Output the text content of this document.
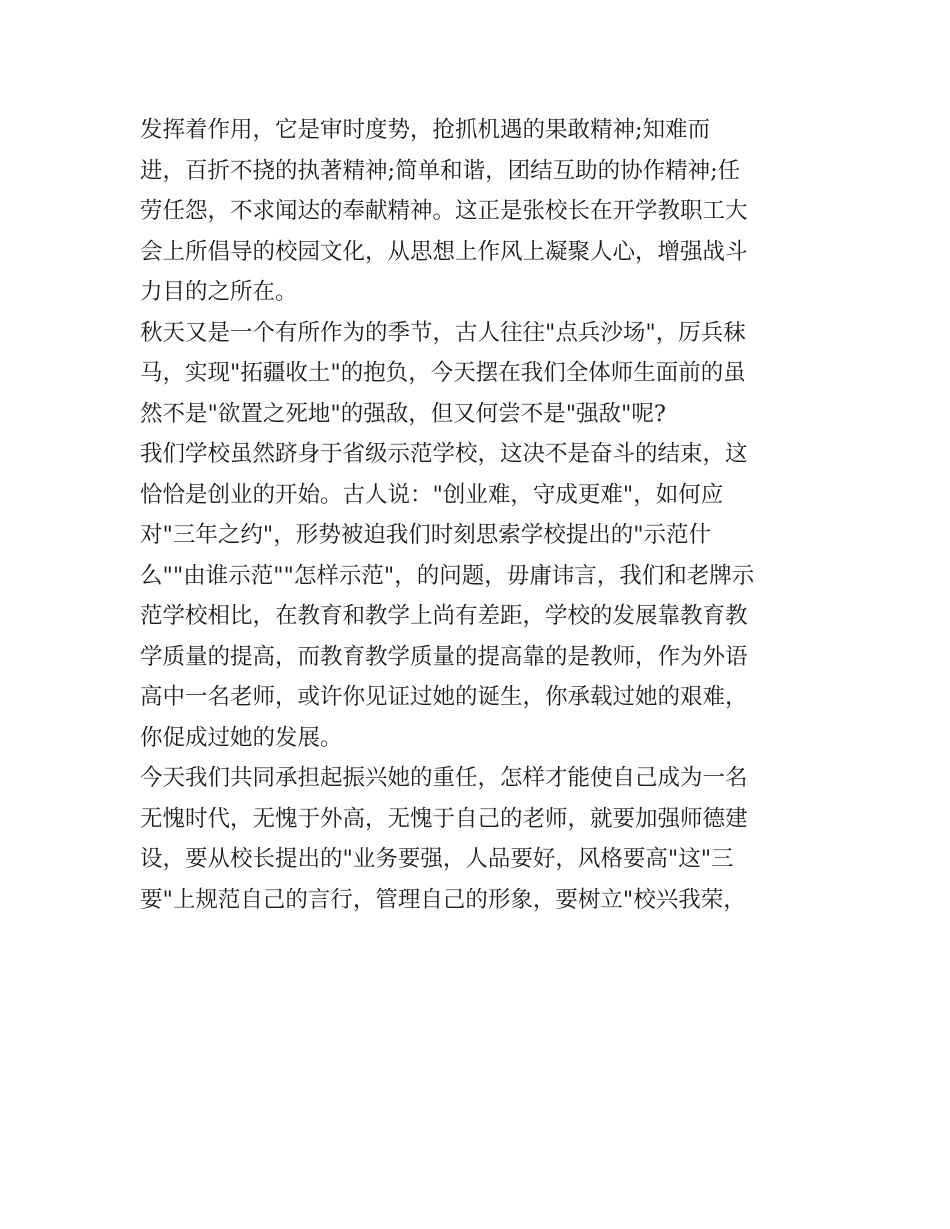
发挥着作用，它是审时度势，抢抓机遇的果敢精神;知难而
进，百折不挠的执著精神;简单和谐，团结互助的协作精神;任
劳任怨，不求闻达的奉献精神。这正是张校长在开学教职工大
会上所倡导的校园文化，从思想上作风上凝聚人心，增强战斗
力目的之所在。
秋天又是一个有所作为的季节，古人往往"点兵沙场"，厉兵秣
马，实现"拓疆收土"的抱负，今天摆在我们全体师生面前的虽
然不是"欲置之死地"的强敌，但又何尝不是"强敌"呢?
我们学校虽然跻身于省级示范学校，这决不是奋斗的结束，这
恰恰是创业的开始。古人说："创业难，守成更难"，如何应
对"三年之约"，形势被迫我们时刻思索学校提出的"示范什
么""由谁示范""怎样示范"，的问题，毋庸讳言，我们和老牌示
范学校相比，在教育和教学上尚有差距，学校的发展靠教育教
学质量的提高，而教育教学质量的提高靠的是教师，作为外语
高中一名老师，或许你见证过她的诞生，你承载过她的艰难，
你促成过她的发展。
今天我们共同承担起振兴她的重任，怎样才能使自己成为一名
无愧时代，无愧于外高，无愧于自己的老师，就要加强师德建
设，要从校长提出的"业务要强，人品要好，风格要高"这"三
要"上规范自己的言行，管理自己的形象，要树立"校兴我荣，
